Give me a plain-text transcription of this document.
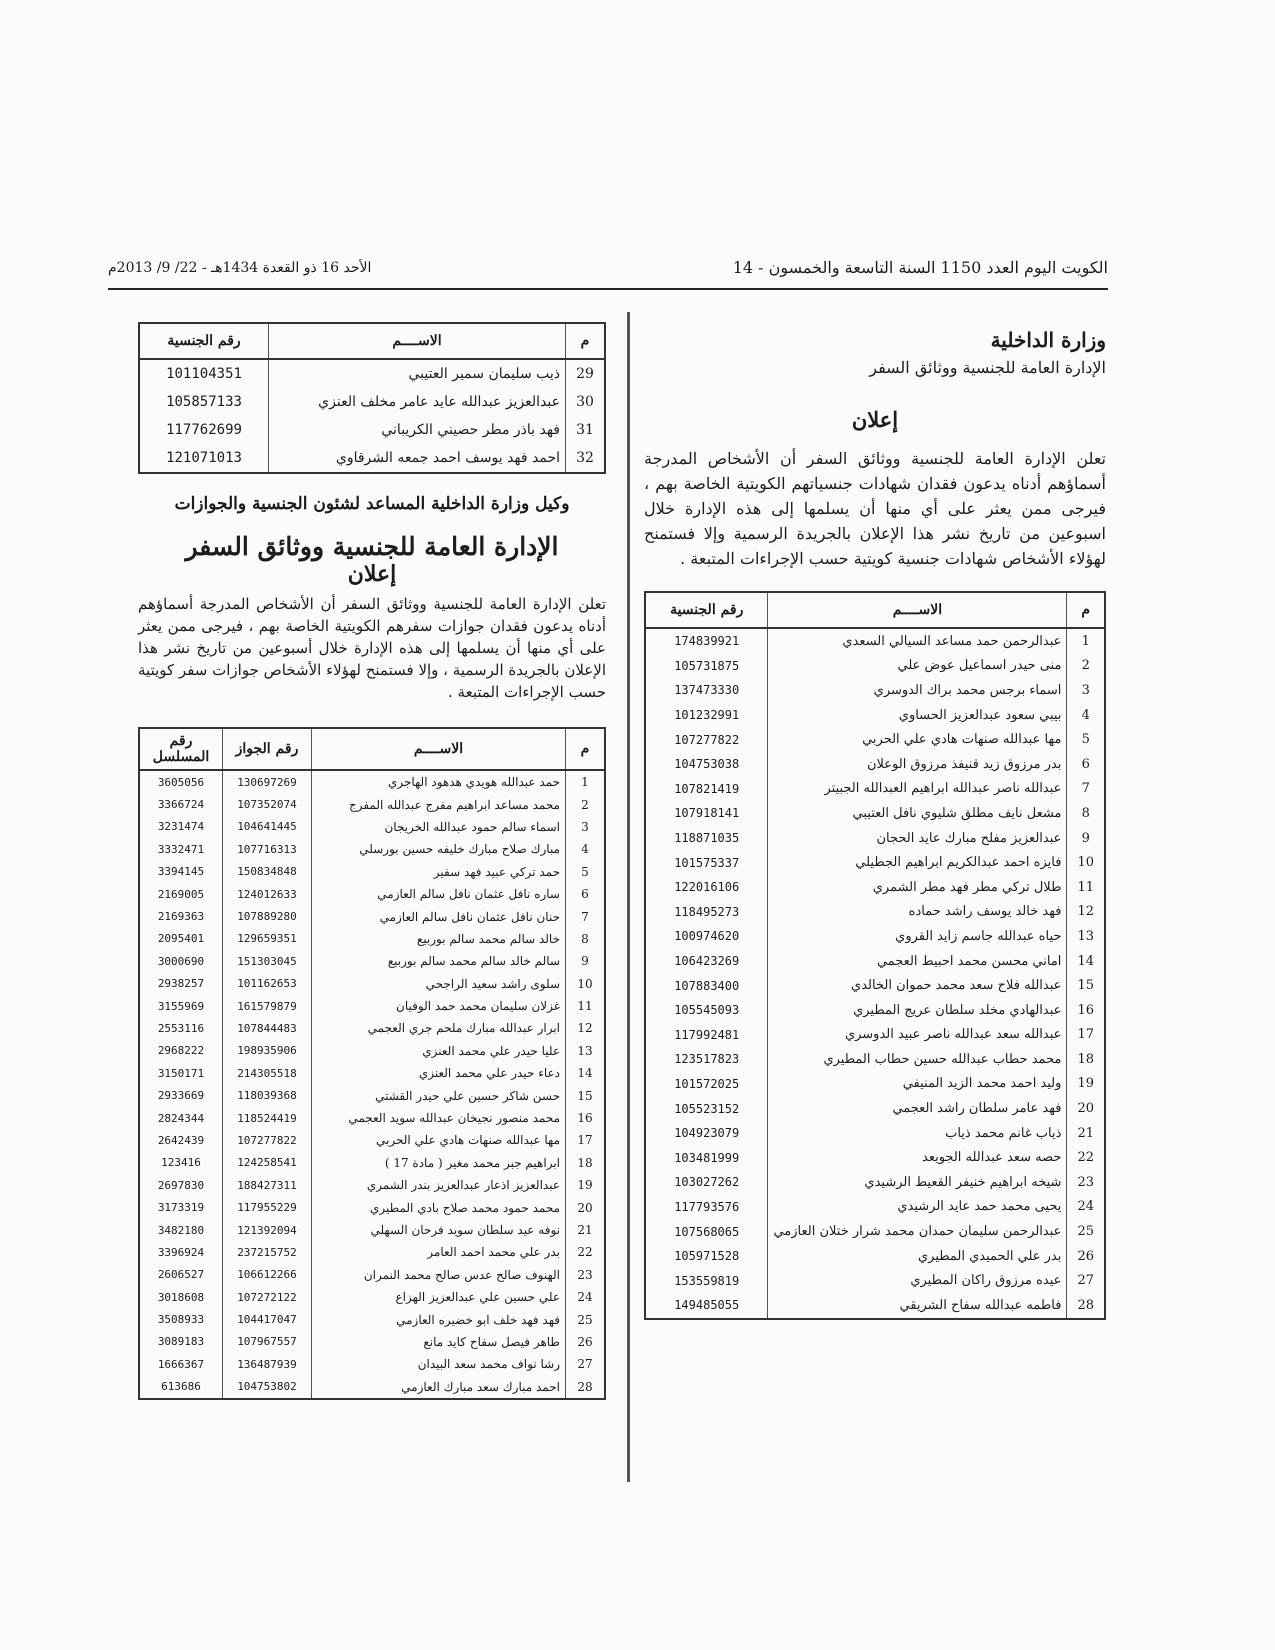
الكويت اليوم العدد 1150 السنة التاسعة والخمسون - 14
الأحد 16 ذو القعدة 1434هـ - 22/ 9/ 2013م
وزارة الداخلية
الإدارة العامة للجنسية ووثائق السفر
إعلان
تعلن الإدارة العامة للجنسية ووثائق السفر أن الأشخاص المدرجة أسماؤهم أدناه يدعون فقدان شهادات جنسياتهم الكويتية الخاصة بهم ، فيرجى ممن يعثر على أي منها أن يسلمها إلى هذه الإدارة خلال اسبوعين من تاريخ نشر هذا الإعلان بالجريدة الرسمية وإلا فستمنح لهؤلاء الأشخاص شهادات جنسية كويتية حسب الإجراءات المتبعة .
م	الاســــم	رقم الجنسية
1	عبدالرحمن حمد مساعد السيالي السعدي	174839921
2	منى حيدر اسماعيل عوض علي	105731875
3	اسماء برجس محمد براك الدوسري	137473330
4	بيبي سعود عبدالعزيز الحساوي	101232991
5	مها عبدالله صنهات هادي علي الحربي	107277822
6	بدر مرزوق زيد قنيفذ مرزوق الوعلان	104753038
7	عبدالله ناصر عبدالله ابراهيم العبدالله الجبيتر	107821419
8	مشعل نايف مطلق شليوي نافل العتيبي	107918141
9	عبدالعزيز مفلح مبارك عايد الحجان	118871035
10	فايزه احمد عبدالكريم ابراهيم الجطيلي	101575337
11	طلال تركي مطر فهد مطر الشمري	122016106
12	فهد خالد يوسف راشد حماده	118495273
13	حياه عبدالله جاسم زايد القروي	100974620
14	اماني محسن محمد احبيط العجمي	106423269
15	عبدالله فلاح سعد محمد حموان الخالدي	107883400
16	عبدالهادي مخلد سلطان عريج المطيري	105545093
17	عبدالله سعد عبدالله ناصر عبيد الدوسري	117992481
18	محمد حطاب عبدالله حسين حطاب المطيري	123517823
19	وليد احمد محمد الزيد المنيفي	101572025
20	فهد عامر سلطان راشد العجمي	105523152
21	ذياب غانم محمد ذياب	104923079
22	حصه سعد عبدالله الجويعد	103481999
23	شيخه ابراهيم خنيفر القعيط الرشيدي	103027262
24	يحيى محمد حمد عايد الرشيدي	117793576
25	عبدالرحمن سليمان حمدان محمد شرار ختلان العازمي	107568065
26	بدر علي الحميدي المطيري	105971528
27	عيده مرزوق راكان المطيري	153559819
28	فاطمه عبدالله سفاح الشريقي	149485055
م	الاســــم	رقم الجنسية
29	ذيب سليمان سمير العتيبي	101104351
30	عبدالعزيز عبدالله عايد عامر مخلف العنزي	105857133
31	فهد باذر مطر حصيني الكريباني	117762699
32	احمد فهد يوسف احمد جمعه الشرقاوي	121071013
وكيل وزارة الداخلية المساعد لشئون الجنسية والجوازات
الإدارة العامة للجنسية ووثائق السفر
إعلان
تعلن الإدارة العامة للجنسية ووثائق السفر أن الأشخاص المدرجة أسماؤهم أدناه يدعون فقدان جوازات سفرهم الكويتية الخاصة بهم ، فيرجى ممن يعثر على أي منها أن يسلمها إلى هذه الإدارة خلال أسبوعين من تاريخ نشر هذا الإعلان بالجريدة الرسمية ، وإلا فستمنح لهؤلاء الأشخاص جوازات سفر كويتية حسب الإجراءات المتبعة .
م	الاســــم	رقم الجواز	رقم المسلسل
1	حمد عبدالله هويدي هدهود الهاجري	130697269	3605056
2	محمد مساعد ابراهيم مفرج عبدالله المفرج	107352074	3366724
3	اسماء سالم حمود عبدالله الخريجان	104641445	3231474
4	مبارك صلاح مبارك خليفه حسين بورسلي	107716313	3332471
5	حمد تركي عبيد فهد سفير	150834848	3394145
6	ساره نافل عثمان نافل سالم العازمي	124012633	2169005
7	حنان نافل عثمان نافل سالم العازمي	107889280	2169363
8	خالد سالم محمد سالم بوربيع	129659351	2095401
9	سالم خالد سالم محمد سالم بوربيع	151303045	3000690
10	سلوى راشد سعيد الراجحي	101162653	2938257
11	غزلان سليمان محمد حمد الوفيان	161579879	3155969
12	ابرار عبدالله مبارك ملحم جري العجمي	107844483	2553116
13	عليا حيدر علي محمد العنزي	198935906	2968222
14	دعاء حيدر علي محمد العنزي	214305518	3150171
15	حسن شاكر حسين علي حيدر القشتي	118039368	2933669
16	محمد منصور نجيخان عبدالله سويد العجمي	118524419	2824344
17	مها عبدالله صنهات هادي علي الحربي	107277822	2642439
18	ابراهيم جبر محمد مغير ( مادة 17 )	124258541	123416
19	عبدالعزيز اذعار عبدالعزيز بندر الشمري	188427311	2697830
20	محمد حمود محمد صلاح بادي المطيري	117955229	3173319
21	نوفه عيد سلطان سويد فرحان السهلي	121392094	3482180
22	بدر علي محمد احمد العامر	237215752	3396924
23	الهنوف صالح عدس صالح محمد النمران	106612266	2606527
24	علي حسين علي عبدالعزيز الهزاع	107272122	3018608
25	فهد فهد خلف ابو خضيره العازمي	104417047	3508933
26	طاهر فيصل سفاح كايد مانع	107967557	3089183
27	رشا نواف محمد سعد البيدان	136487939	1666367
28	احمد مبارك سعد مبارك العازمي	104753802	613686
